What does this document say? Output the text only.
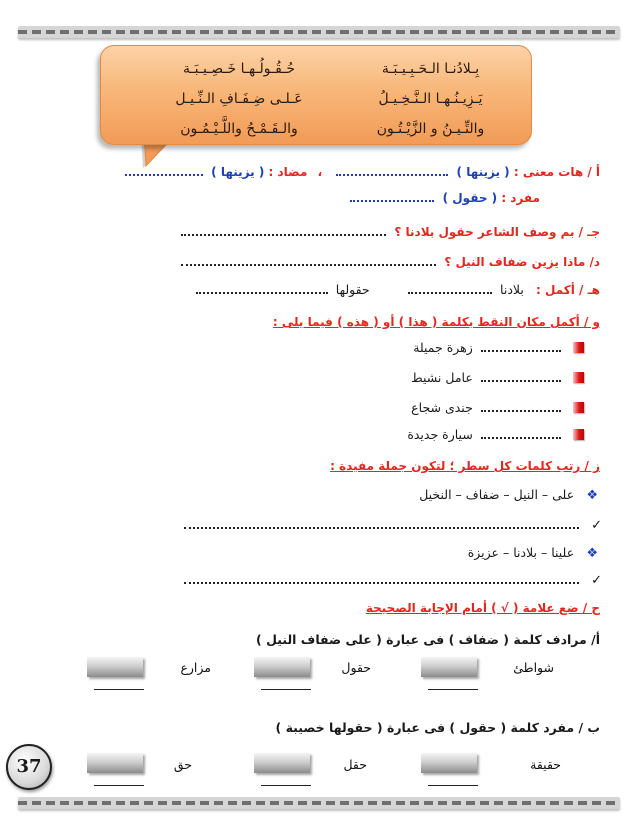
بِـلادُنـا الـحَـبِـيـبَـة
حُـقُـولُـهـا خَـصِـيـبَـة
يَـزِيـنُـهـا الـنَّـخِـيـلُ
عَـلـى ضِـفَـافِ الـنِّـيـل
والتِّـيـنُ و الزَّيْـتُـون
والـقَـمْـحُ واللَّـيْـمُـون
أ / هات معنى : ( يزينها )  ، مضاد : ( يزينها )
مفرد : ( حقول )
جـ / بم وصف الشاعر حقول بلادنا ؟
د/ ماذا يزين ضفاف النيل ؟
هـ / أكمل : بلادنا  حقولها
و / أكمل مكان النقط بكلمة ( هذا ) أو ( هذه ) فيما يلى :
زهرة جميلة
عامل نشيط
جندى شجاع
سيارة جديدة
ز / رتب كلمات كل سطر ؛ لتكون جملة مفيدة :
❖ على – النيل – ضفاف – النخيل
✓
❖ علينا – بلادنا – عزيزة
✓
ح / ضع علامة ( √ ) أمام الإجابة الصحيحة
أ/ مرادف كلمة ( ضفاف ) فى عبارة ( على ضفاف النيل )
شواطئ
حقول
مزارع
ب / مفرد كلمة ( حقول ) فى عبارة ( حقولها خصيبة )
حقيقة
حقل
حق
37
